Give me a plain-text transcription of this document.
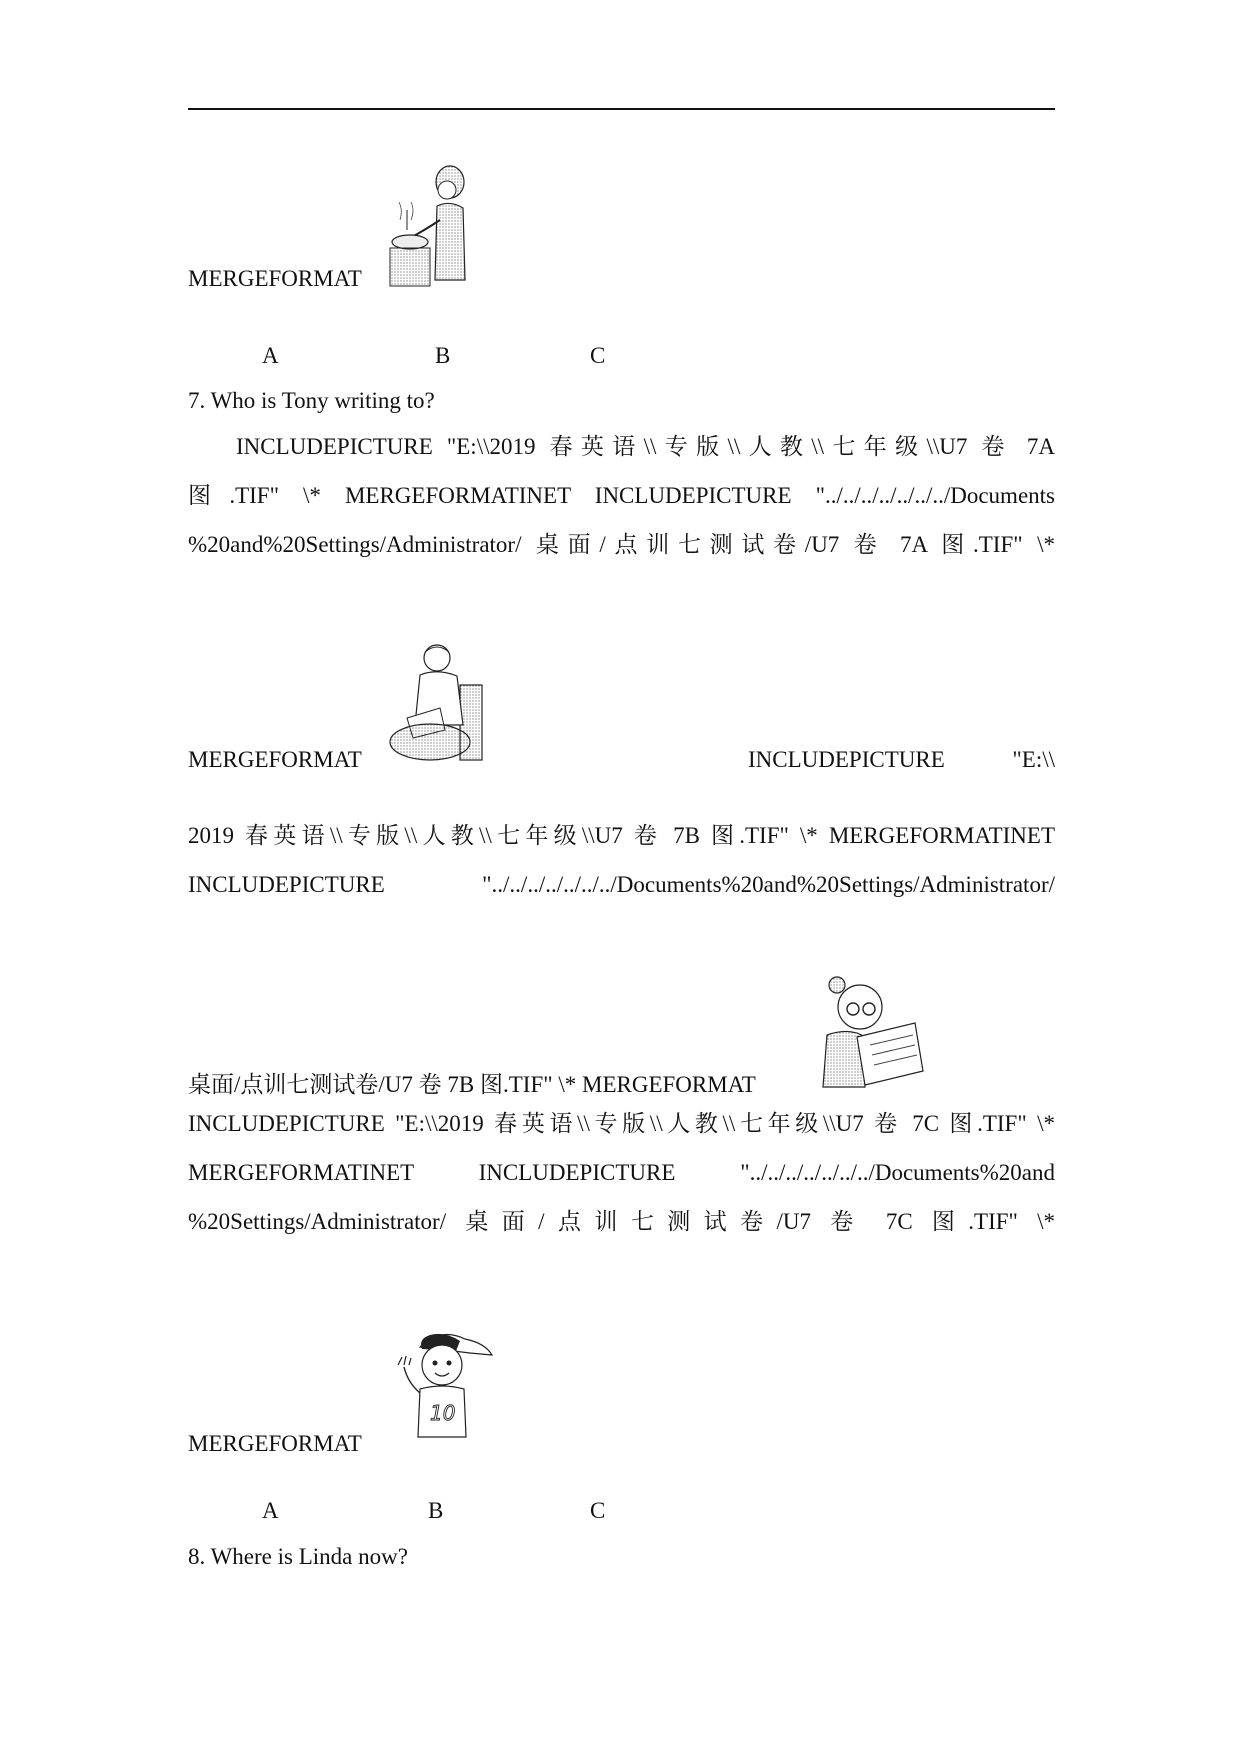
MERGEFORMAT
A	B	C
7. Who is Tony writing to?
INCLUDEPICTURE "E:\\2019 春英语\\专版\\人教\\七年级\\U7 卷 7A
图.TIF" \* MERGEFORMATINET INCLUDEPICTURE "../../../../../../../Documents
%20and%20Settings/Administrator/ 桌面/点训七测试卷/U7 卷 7A 图.TIF" \*
MERGEFORMAT	INCLUDEPICTURE "E:\\
2019 春英语\\专版\\人教\\七年级\\U7 卷 7B 图.TIF" \* MERGEFORMATINET
INCLUDEPICTURE "../../../../../../../Documents%20and%20Settings/Administrator/
桌面/点训七测试卷/U7 卷 7B 图.TIF" \* MERGEFORMAT
INCLUDEPICTURE "E:\\2019 春英语\\专版\\人教\\七年级\\U7 卷 7C 图.TIF" \*
MERGEFORMATINET INCLUDEPICTURE "../../../../../../../Documents%20and
%20Settings/Administrator/ 桌面/点训七测试卷/U7 卷 7C 图.TIF" \*
MERGEFORMAT
10
A	B	C
8. Where is Linda now?
